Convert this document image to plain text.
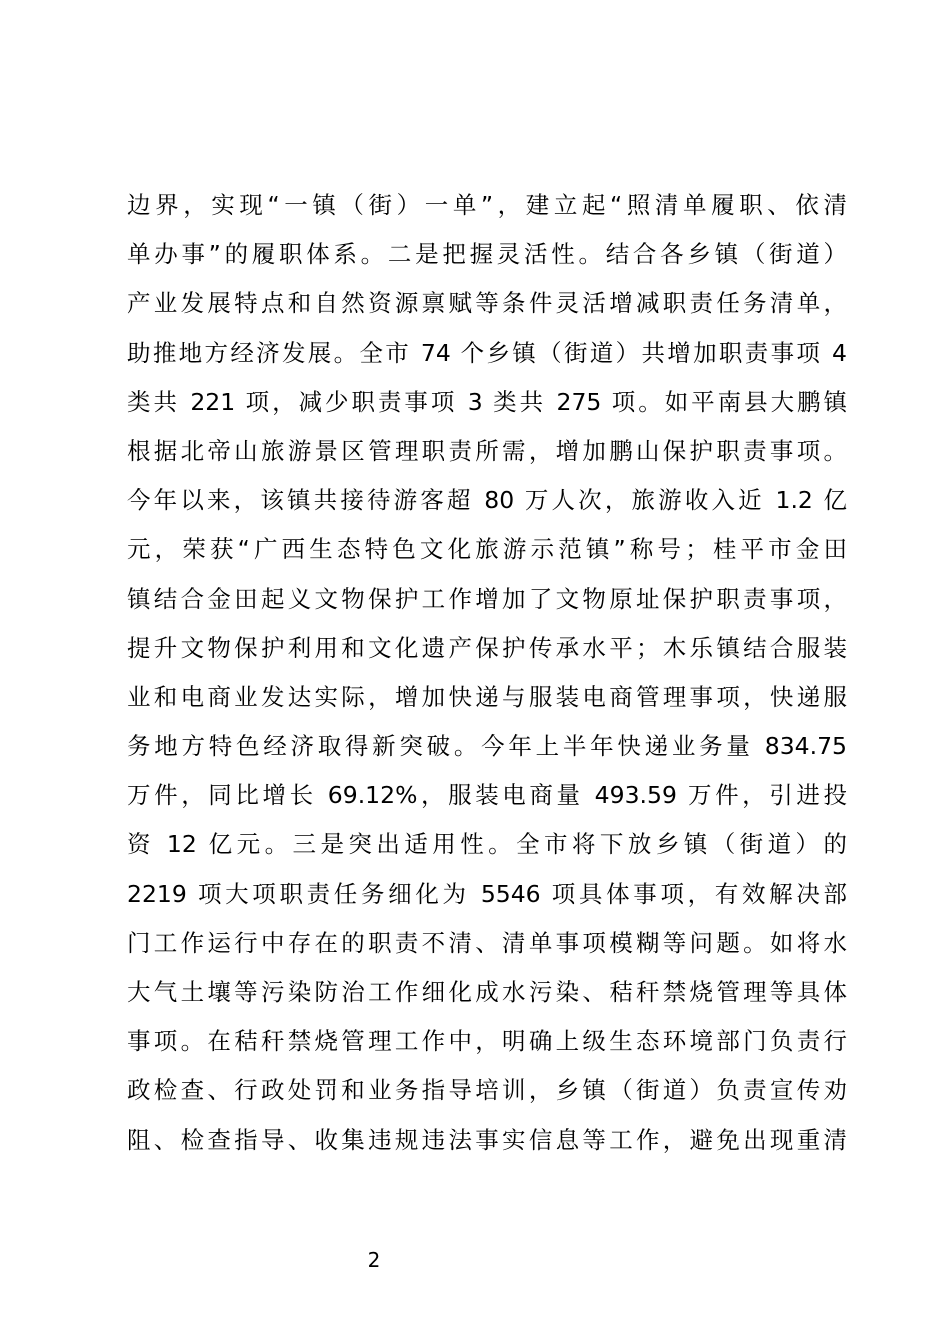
边界，实现“一镇（街）一单”，建立起“照清单履职、依清
单办事”的履职体系。二是把握灵活性。结合各乡镇（街道）
产业发展特点和自然资源禀赋等条件灵活增减职责任务清单，
助推地方经济发展。全市 74 个乡镇（街道）共增加职责事项 4
类共 221 项，减少职责事项 3 类共 275 项。如平南县大鹏镇
根据北帝山旅游景区管理职责所需，增加鹏山保护职责事项。
今年以来，该镇共接待游客超 80 万人次，旅游收入近 1.2 亿
元，荣获“广西生态特色文化旅游示范镇”称号；桂平市金田
镇结合金田起义文物保护工作增加了文物原址保护职责事项，
提升文物保护利用和文化遗产保护传承水平；木乐镇结合服装
业和电商业发达实际，增加快递与服装电商管理事项，快递服
务地方特色经济取得新突破。今年上半年快递业务量 834.75
万件，同比增长 69.12%，服装电商量 493.59 万件，引进投
资 12 亿元。三是突出适用性。全市将下放乡镇（街道）的
2219 项大项职责任务细化为 5546 项具体事项，有效解决部
门工作运行中存在的职责不清、清单事项模糊等问题。如将水
大气土壤等污染防治工作细化成水污染、秸秆禁烧管理等具体
事项。在秸秆禁烧管理工作中，明确上级生态环境部门负责行
政检查、行政处罚和业务指导培训，乡镇（街道）负责宣传劝
阻、检查指导、收集违规违法事实信息等工作，避免出现重清
2
